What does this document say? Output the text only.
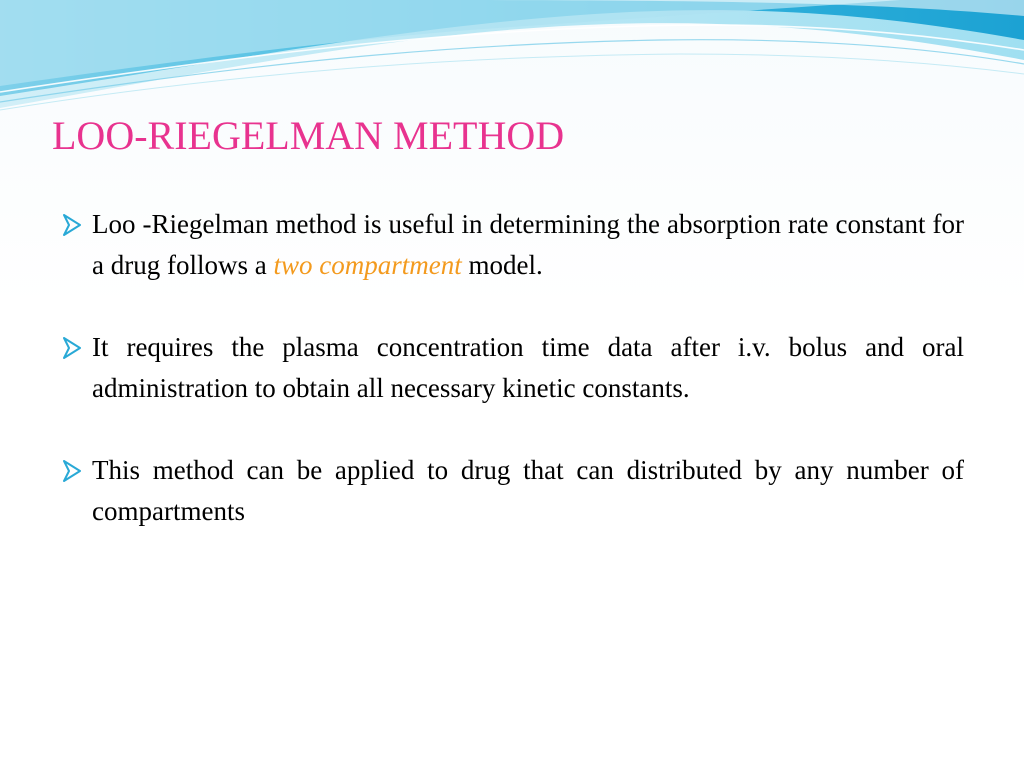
LOO-RIEGELMAN METHOD
Loo -Riegelman method is useful in determining the absorption rate constant for a drug follows a two compartment model.
It requires the plasma concentration time data after i.v. bolus and oral administration to obtain all necessary kinetic constants.
This method can be applied to drug that can distributed by any number of compartments
